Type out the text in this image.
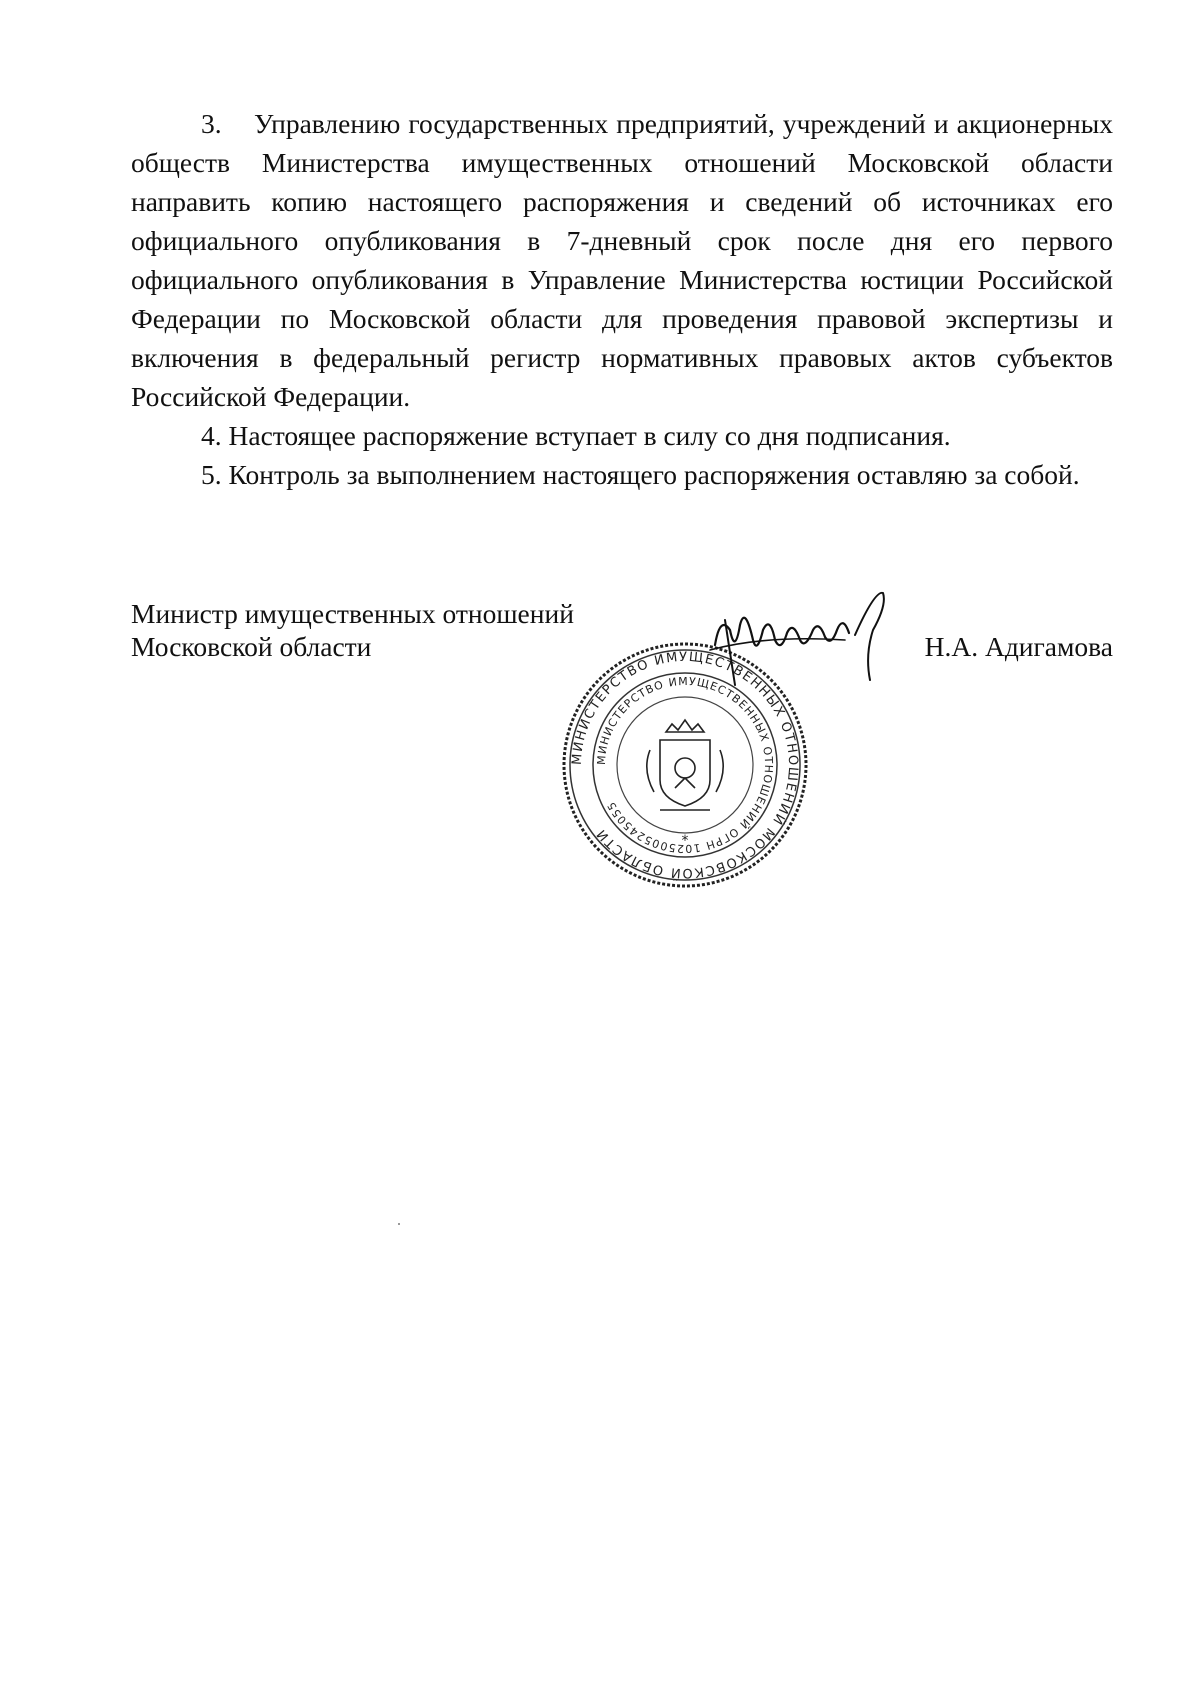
3. Управлению государственных предприятий, учреждений и акционерных обществ Министерства имущественных отношений Московской области направить копию настоящего распоряжения и сведений об источниках его официального опубликования в 7-дневный срок после дня его первого официального опубликования в Управление Министерства юстиции Российской Федерации по Московской области для проведения правовой экспертизы и включения в федеральный регистр нормативных правовых актов субъектов Российской Федерации.

4. Настоящее распоряжение вступает в силу со дня подписания.

5. Контроль за выполнением настоящего распоряжения оставляю за собой.

Министр имущественных отношений
Московской области
МИНИСТЕРСТВО ИМУЩЕСТВЕННЫХ ОТНОШЕНИЙ МОСКОВСКОЙ ОБЛАСТИ
МИНИСТЕРСТВО ИМУЩЕСТВЕННЫХ ОТНОШЕНИЙ ОГРН 1025005245055
*
Н.А. Адигамова
